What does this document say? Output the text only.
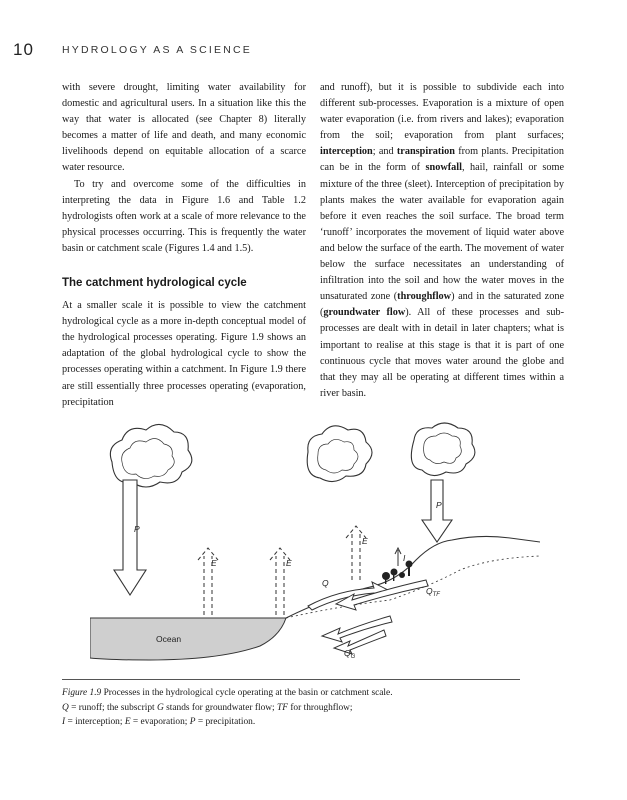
10	HYDROLOGY AS A SCIENCE

with severe drought, limiting water availability for domestic and agricultural users. In a situation like this the way that water is allocated (see Chapter 8) literally becomes a matter of life and death, and many economic livelihoods depend on equitable allocation of a scarce water resource.

To try and overcome some of the difficulties in interpreting the data in Figure 1.6 and Table 1.2 hydrologists often work at a scale of more relevance to the physical processes occurring. This is frequently the water basin or catchment scale (Figures 1.4 and 1.5).

The catchment hydrological cycle

At a smaller scale it is possible to view the catchment hydrological cycle as a more in-depth conceptual model of the hydrological processes operating. Figure 1.9 shows an adaptation of the global hydrological cycle to show the processes operating within a catchment. In Figure 1.9 there are still essentially three processes operating (evaporation, precipitation

and runoff), but it is possible to subdivide each into different sub-processes. Evaporation is a mixture of open water evaporation (i.e. from rivers and lakes); evaporation from the soil; evaporation from plant surfaces; interception; and transpiration from plants. Precipitation can be in the form of snowfall, hail, rainfall or some mixture of the three (sleet). Interception of precipitation by plants makes the water available for evaporation again before it even reaches the soil surface. The broad term ‘runoff’ incorporates the movement of liquid water above and below the surface of the earth. The movement of water below the surface necessitates an understanding of infiltration into the soil and how the water moves in the unsaturated zone (throughflow) and in the saturated zone (groundwater flow). All of these processes and sub-processes are dealt with in detail in later chapters; what is important to realise at this stage is that it is part of one continuous cycle that moves water around the globe and that they may all be operating at different times within a river basin.

P
P
Ocean
E	E
E
I
Q
$Q_{TF}$
$Q_G$
Figure 1.9 Processes in the hydrological cycle operating at the basin or catchment scale.
Q = runoff; the subscript G stands for groundwater flow; TF for throughflow;
I = interception; E = evaporation; P = precipitation.
